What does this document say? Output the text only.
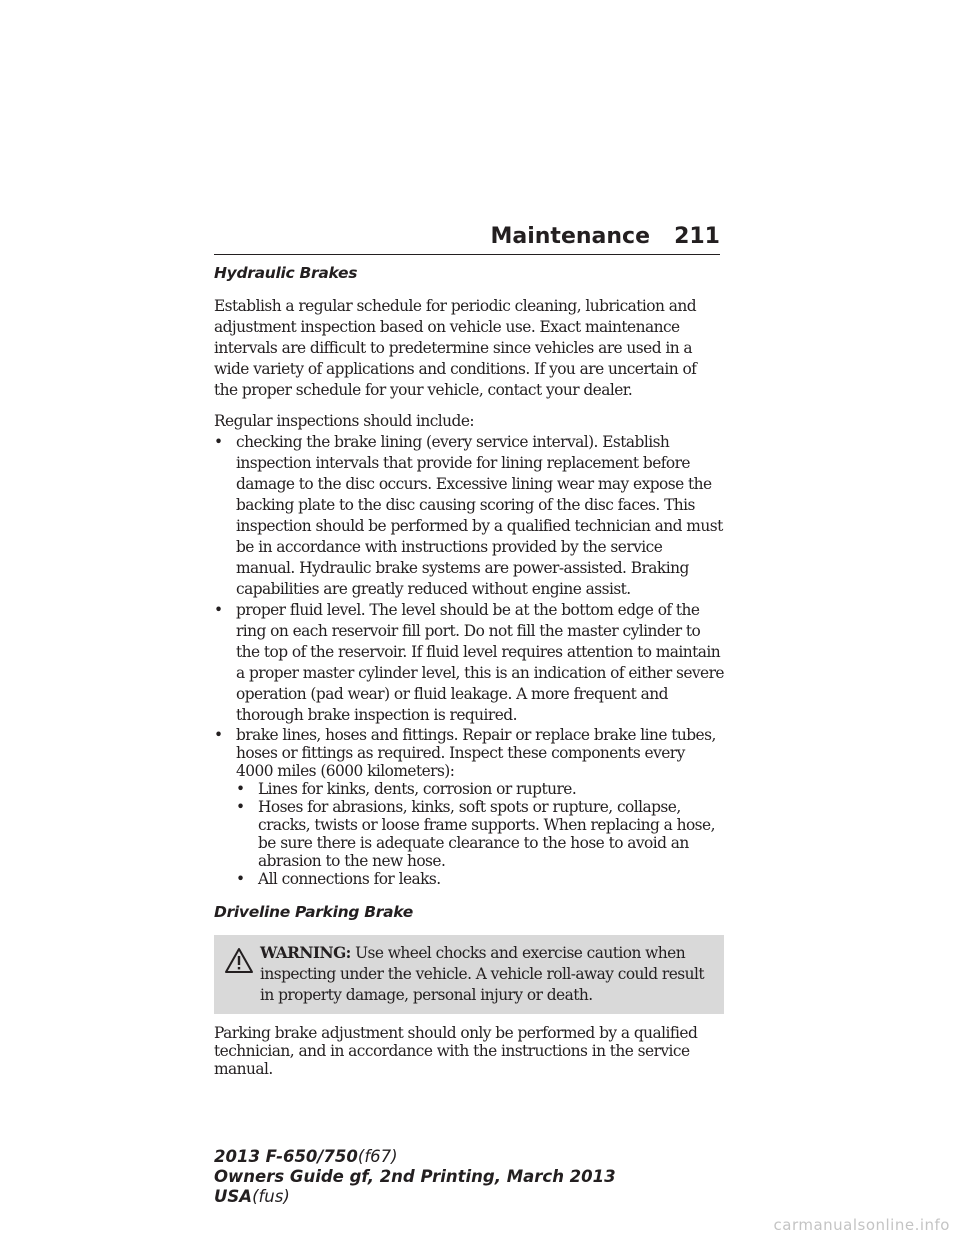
Maintenance 211
Hydraulic Brakes

Establish a regular schedule for periodic cleaning, lubrication and adjustment inspection based on vehicle use. Exact maintenance intervals are difficult to predetermine since vehicles are used in a wide variety of applications and conditions. If you are uncertain of the proper schedule for your vehicle, contact your dealer.

Regular inspections should include:

• checking the brake lining (every service interval). Establish inspection intervals that provide for lining replacement before damage to the disc occurs. Excessive lining wear may expose the backing plate to the disc causing scoring of the disc faces. This inspection should be performed by a qualified technician and must be in accordance with instructions provided by the service manual. Hydraulic brake systems are power-assisted. Braking capabilities are greatly reduced without engine assist.
• proper fluid level. The level should be at the bottom edge of the ring on each reservoir fill port. Do not fill the master cylinder to the top of the reservoir. If fluid level requires attention to maintain a proper master cylinder level, this is an indication of either severe operation (pad wear) or fluid leakage. A more frequent and thorough brake inspection is required.
• brake lines, hoses and fittings. Repair or replace brake line tubes, hoses or fittings as required. Inspect these components every 4000 miles (6000 kilometers):
• Lines for kinks, dents, corrosion or rupture.
• Hoses for abrasions, kinks, soft spots or rupture, collapse, cracks, twists or loose frame supports. When replacing a hose, be sure there is adequate clearance to the hose to avoid an abrasion to the new hose.
• All connections for leaks.
Driveline Parking Brake
WARNING: Use wheel chocks and exercise caution when inspecting under the vehicle. A vehicle roll-away could result in property damage, personal injury or death.

Parking brake adjustment should only be performed by a qualified technician, and in accordance with the instructions in the service manual.

2013 F-650/750(f67)
Owners Guide gf, 2nd Printing, March 2013
USA(fus)
carmanualsonline.info
